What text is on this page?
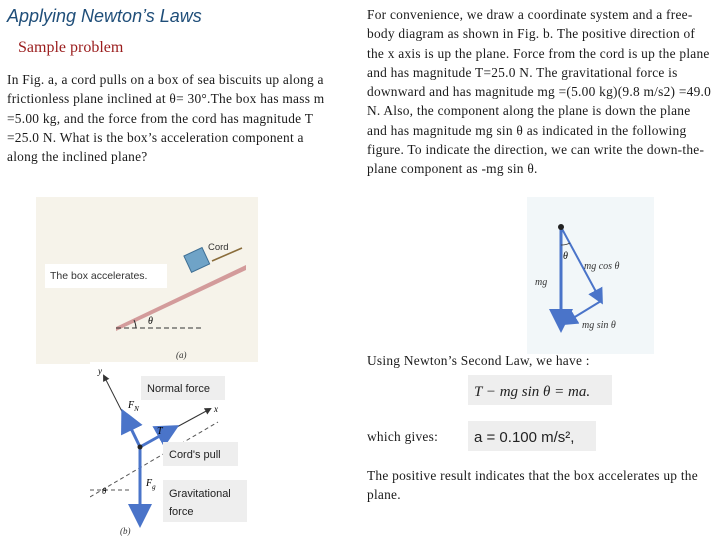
Applying Newton’s Laws
Sample problem
In Fig. a, a cord pulls on a box of sea biscuits up along a frictionless plane inclined at θ= 30°.The box has mass m =5.00 kg, and the force from the cord has magnitude T =25.0 N. What is the box’s acceleration component a along the inclined plane?
For convenience, we draw a coordinate system and a free-body diagram as shown in Fig. b. The positive direction of the x axis is up the plane. Force from the cord is up the plane and has magnitude T=25.0 N. The gravitational force is downward and has magnitude mg =(5.00 kg)(9.8 m/s2) =49.0 N. Also, the component along the plane is down the plane and has magnitude mg sin θ as indicated in the following figure. To indicate the direction, we can write the down-the-plane component as -mg sin θ.
θ
Cord
The box accelerates.
(a)
y
x
$F_N$
T
$F_g$
θ
Normal force
Cord's pull
Gravitational
force
(b)
θ
mg
mg cos θ
mg sin θ
Using Newton’s Second Law, we have :
T − mg sin θ = ma.
which gives: a = 0.100 m/s²,
The positive result indicates that the box accelerates up the plane.
